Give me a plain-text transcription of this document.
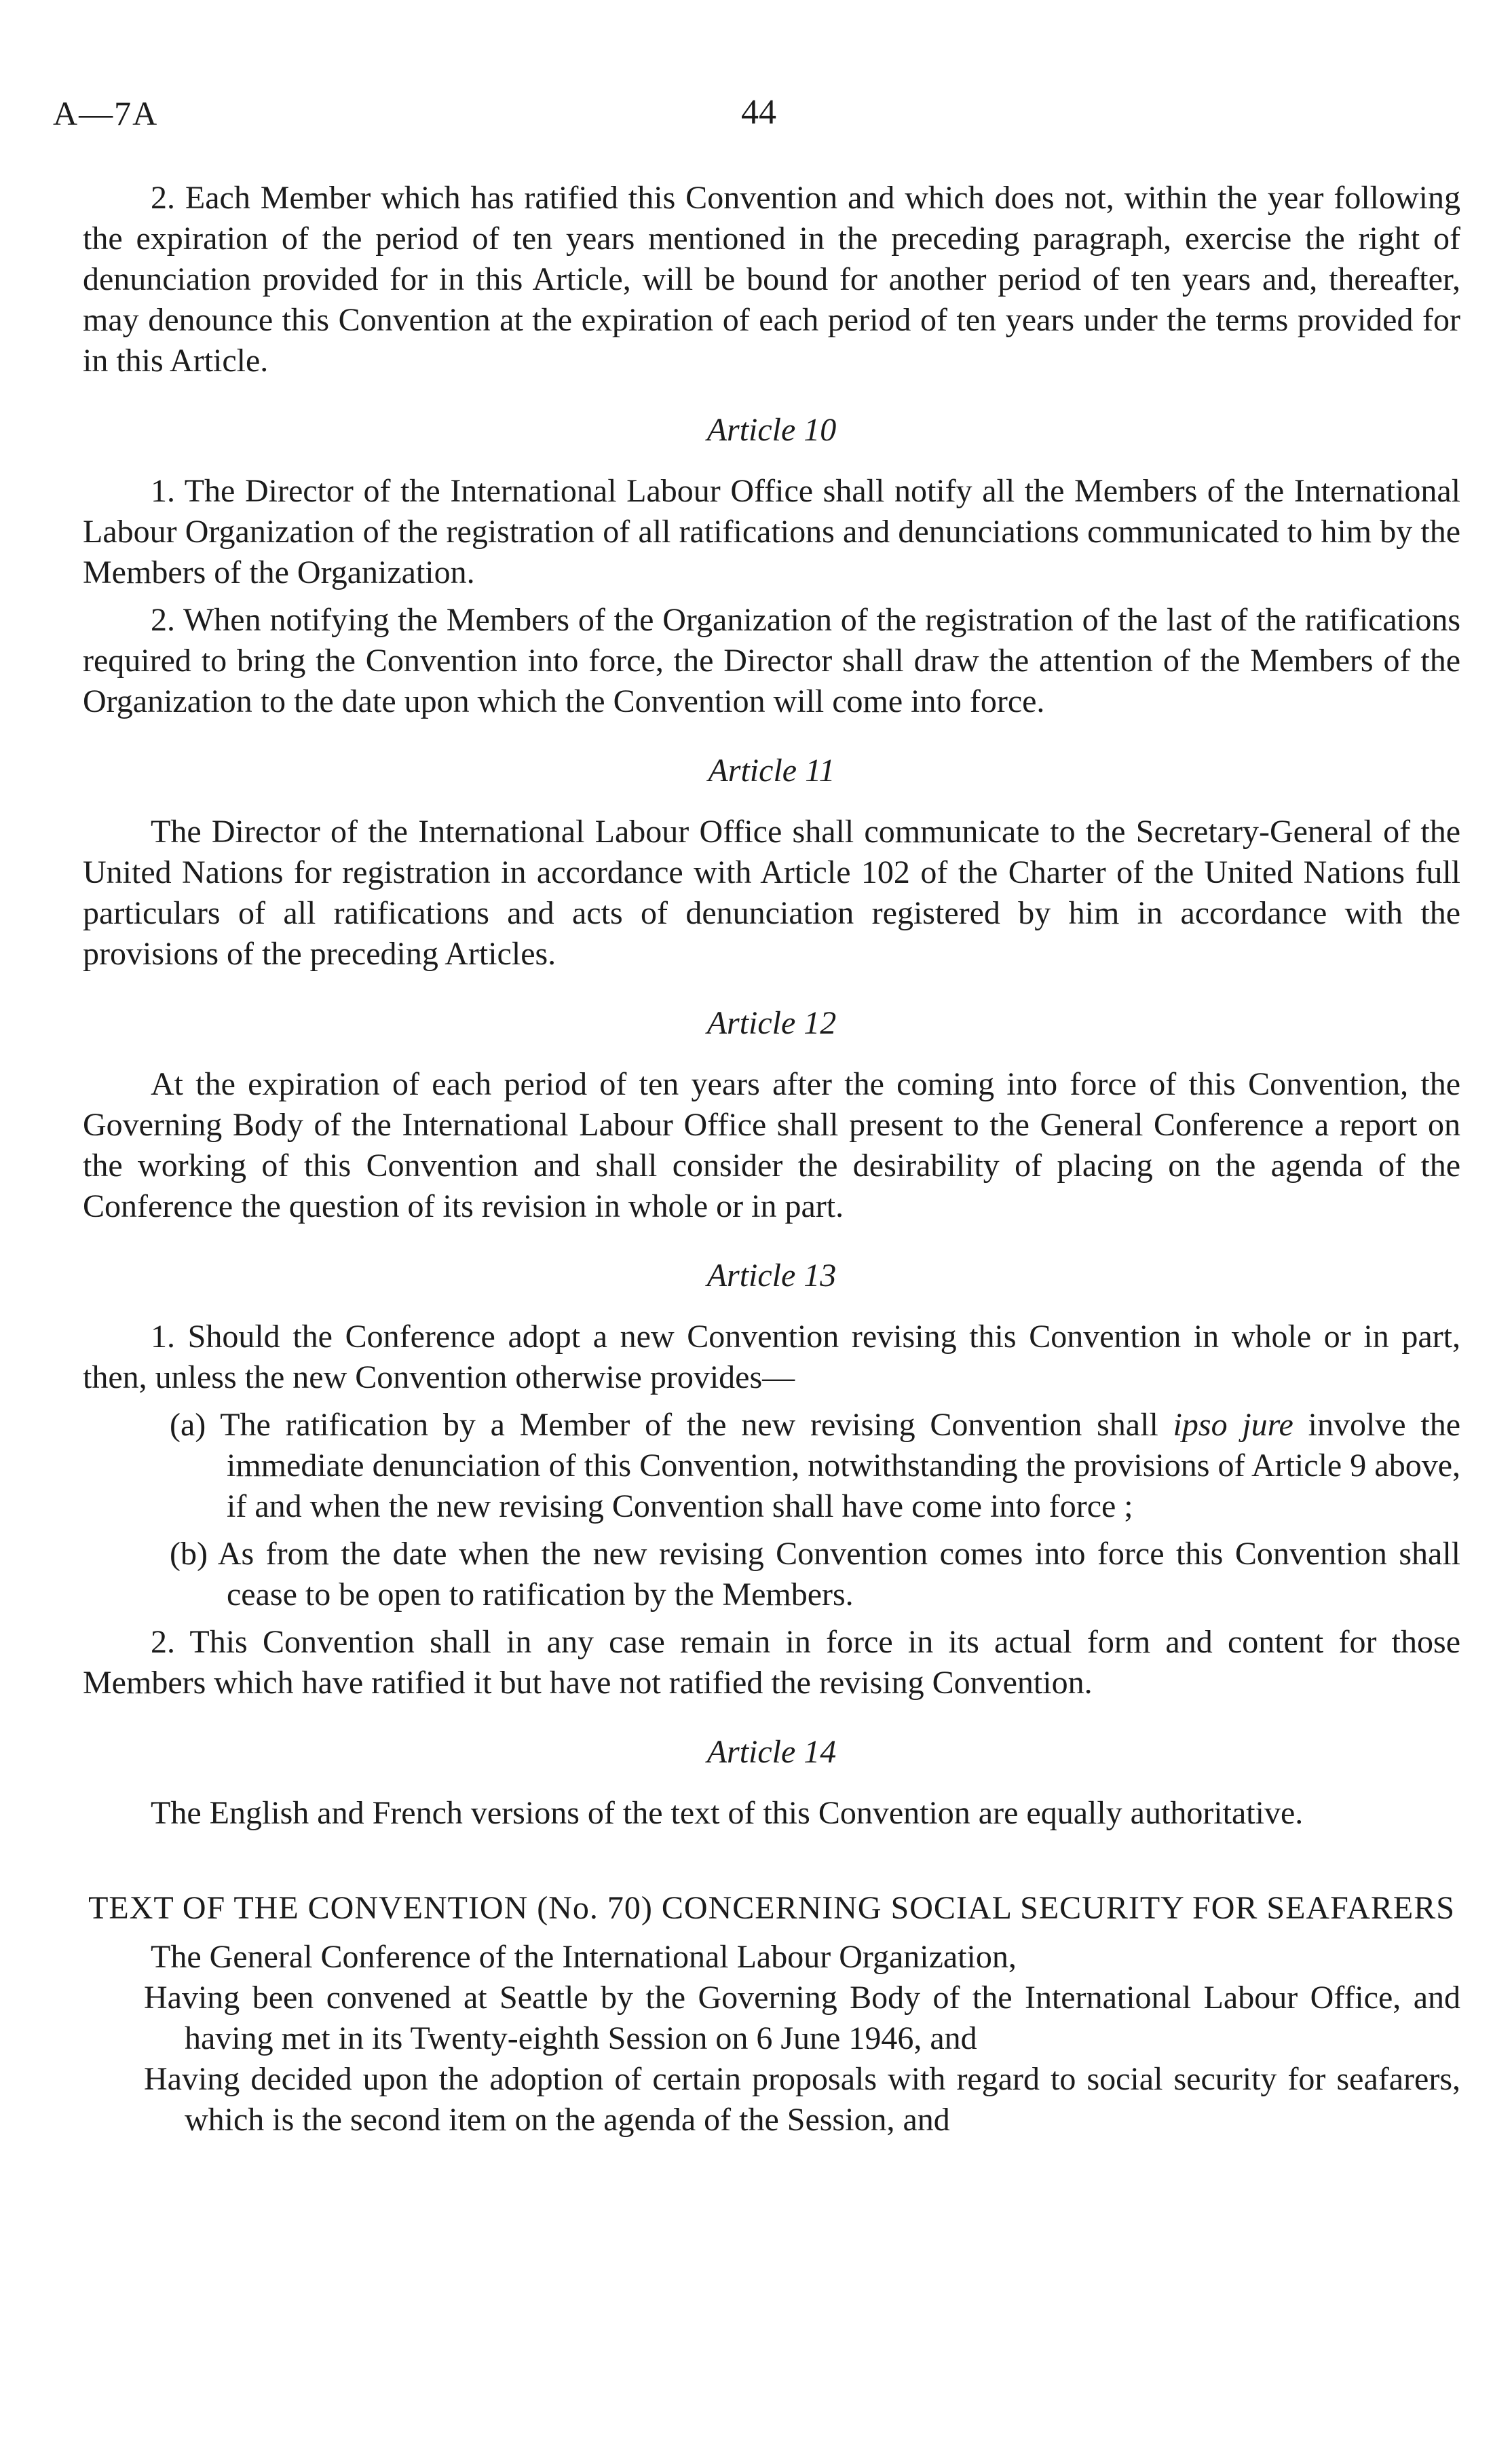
A—7A	44

2. Each Member which has ratified this Convention and which does not, within the year following the expiration of the period of ten years mentioned in the preceding paragraph, exercise the right of denunciation provided for in this Article, will be bound for another period of ten years and, thereafter, may denounce this Convention at the expiration of each period of ten years under the terms provided for in this Article.

Article 10

1. The Director of the International Labour Office shall notify all the Members of the International Labour Organization of the registration of all ratifications and denunciations communicated to him by the Members of the Organization.

2. When notifying the Members of the Organization of the registration of the last of the ratifications required to bring the Convention into force, the Director shall draw the attention of the Members of the Organization to the date upon which the Convention will come into force.

Article 11

The Director of the International Labour Office shall communicate to the Secretary-General of the United Nations for registration in accordance with Article 102 of the Charter of the United Nations full particulars of all ratifications and acts of denunciation registered by him in accordance with the provisions of the preceding Articles.

Article 12

At the expiration of each period of ten years after the coming into force of this Convention, the Governing Body of the International Labour Office shall present to the General Conference a report on the working of this Convention and shall consider the desirability of placing on the agenda of the Conference the question of its revision in whole or in part.

Article 13

1. Should the Conference adopt a new Convention revising this Convention in whole or in part, then, unless the new Convention otherwise provides—

(a) The ratification by a Member of the new revising Convention shall ipso jure involve the immediate denunciation of this Convention, notwithstanding the provisions of Article 9 above, if and when the new revising Convention shall have come into force ;

(b) As from the date when the new revising Convention comes into force this Convention shall cease to be open to ratification by the Members.

2. This Convention shall in any case remain in force in its actual form and content for those Members which have ratified it but have not ratified the revising Convention.

Article 14

The English and French versions of the text of this Convention are equally authoritative.

TEXT OF THE CONVENTION (No. 70) CONCERNING SOCIAL SECURITY FOR SEAFARERS

The General Conference of the International Labour Organization,

Having been convened at Seattle by the Governing Body of the International Labour Office, and having met in its Twenty-eighth Session on 6 June 1946, and

Having decided upon the adoption of certain proposals with regard to social security for seafarers, which is the second item on the agenda of the Session, and
